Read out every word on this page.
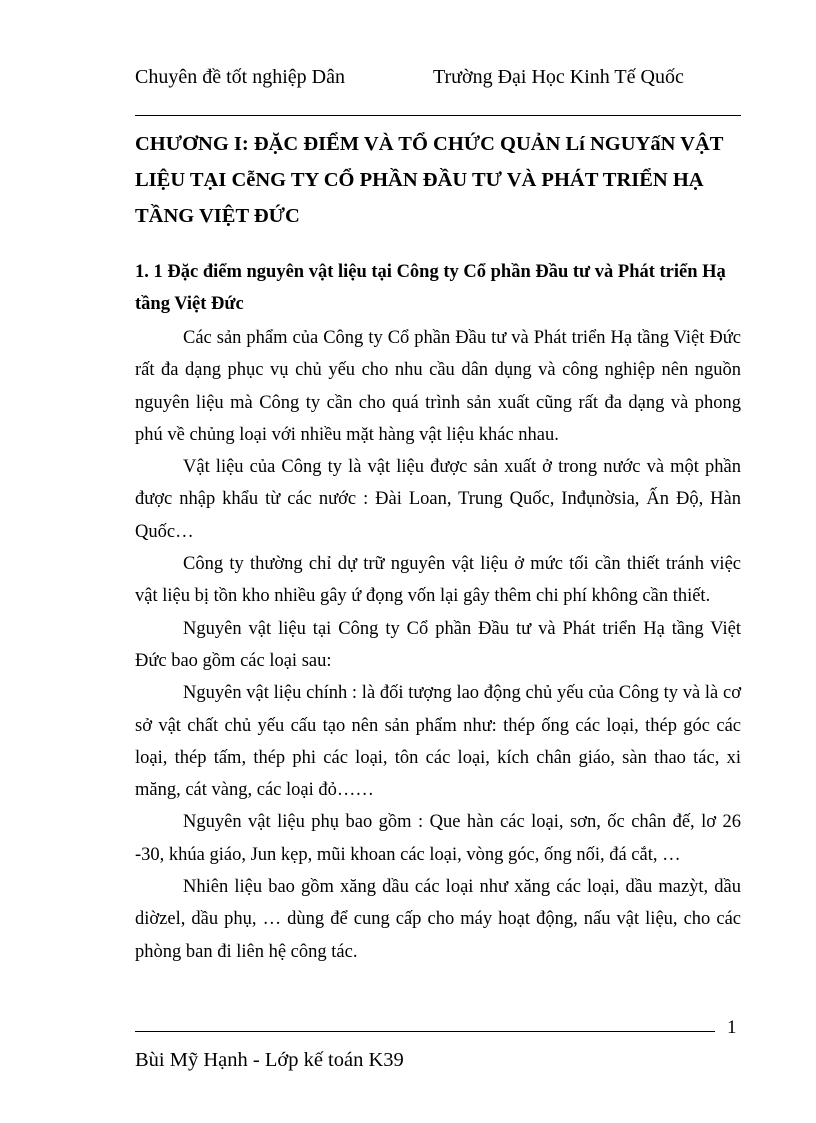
Chuyên đề tốt nghiệp Dân	Trường Đại Học Kinh Tế Quốc
CHƯƠNG I: ĐẶC ĐIỂM VÀ TỔ CHỨC QUẢN Lí NGUYấN VẬT LIỆU TẠI CễNG TY CỔ PHẦN ĐẦU TƯ VÀ PHÁT TRIỂN HẠ TẦNG VIỆT ĐỨC
1. 1 Đặc điểm nguyên vật liệu tại Công ty Cổ phần Đầu tư và Phát triển Hạ tầng Việt Đức

Các sản phẩm của Công ty Cổ phần Đầu tư và Phát triển Hạ tầng Việt Đức rất đa dạng phục vụ chủ yếu cho nhu cầu dân dụng và công nghiệp nên nguồn nguyên liệu mà Công ty cần cho quá trình sản xuất cũng rất đa dạng và phong phú về chủng loại với nhiều mặt hàng vật liệu khác nhau.

Vật liệu của Công ty là vật liệu được sản xuất ở trong nước và một phần được nhập khẩu từ các nước : Đài Loan, Trung Quốc, Inđụnờsia, Ấn Độ, Hàn Quốc…

Công ty thường chỉ dự trữ nguyên vật liệu ở mức tối cần thiết tránh việc vật liệu bị tồn kho nhiều gây ứ đọng vốn lại gây thêm chi phí không cần thiết.

Nguyên vật liệu tại Công ty Cổ phần Đầu tư và Phát triển Hạ tầng Việt Đức bao gồm các loại sau:

Nguyên vật liệu chính : là đối tượng lao động chủ yếu của Công ty và là cơ sở vật chất chủ yếu cấu tạo nên sản phẩm như: thép ống các loại, thép góc các loại, thép tấm, thép phi các loại, tôn các loại, kích chân giáo, sàn thao tác, xi măng, cát vàng, các loại đỏ……

Nguyên vật liệu phụ bao gồm : Que hàn các loại, sơn, ốc chân đế, lơ 26 -30, khúa giáo, Jun kẹp, mũi khoan các loại, vòng góc, ống nối, đá cắt, …

Nhiên liệu bao gồm xăng dầu các loại như xăng các loại, dầu mazỳt, dầu diờzel, dầu phụ, … dùng để cung cấp cho máy hoạt động, nấu vật liệu, cho các phòng ban đi liên hệ công tác.

1
Bùi Mỹ Hạnh - Lớp kế toán K39
